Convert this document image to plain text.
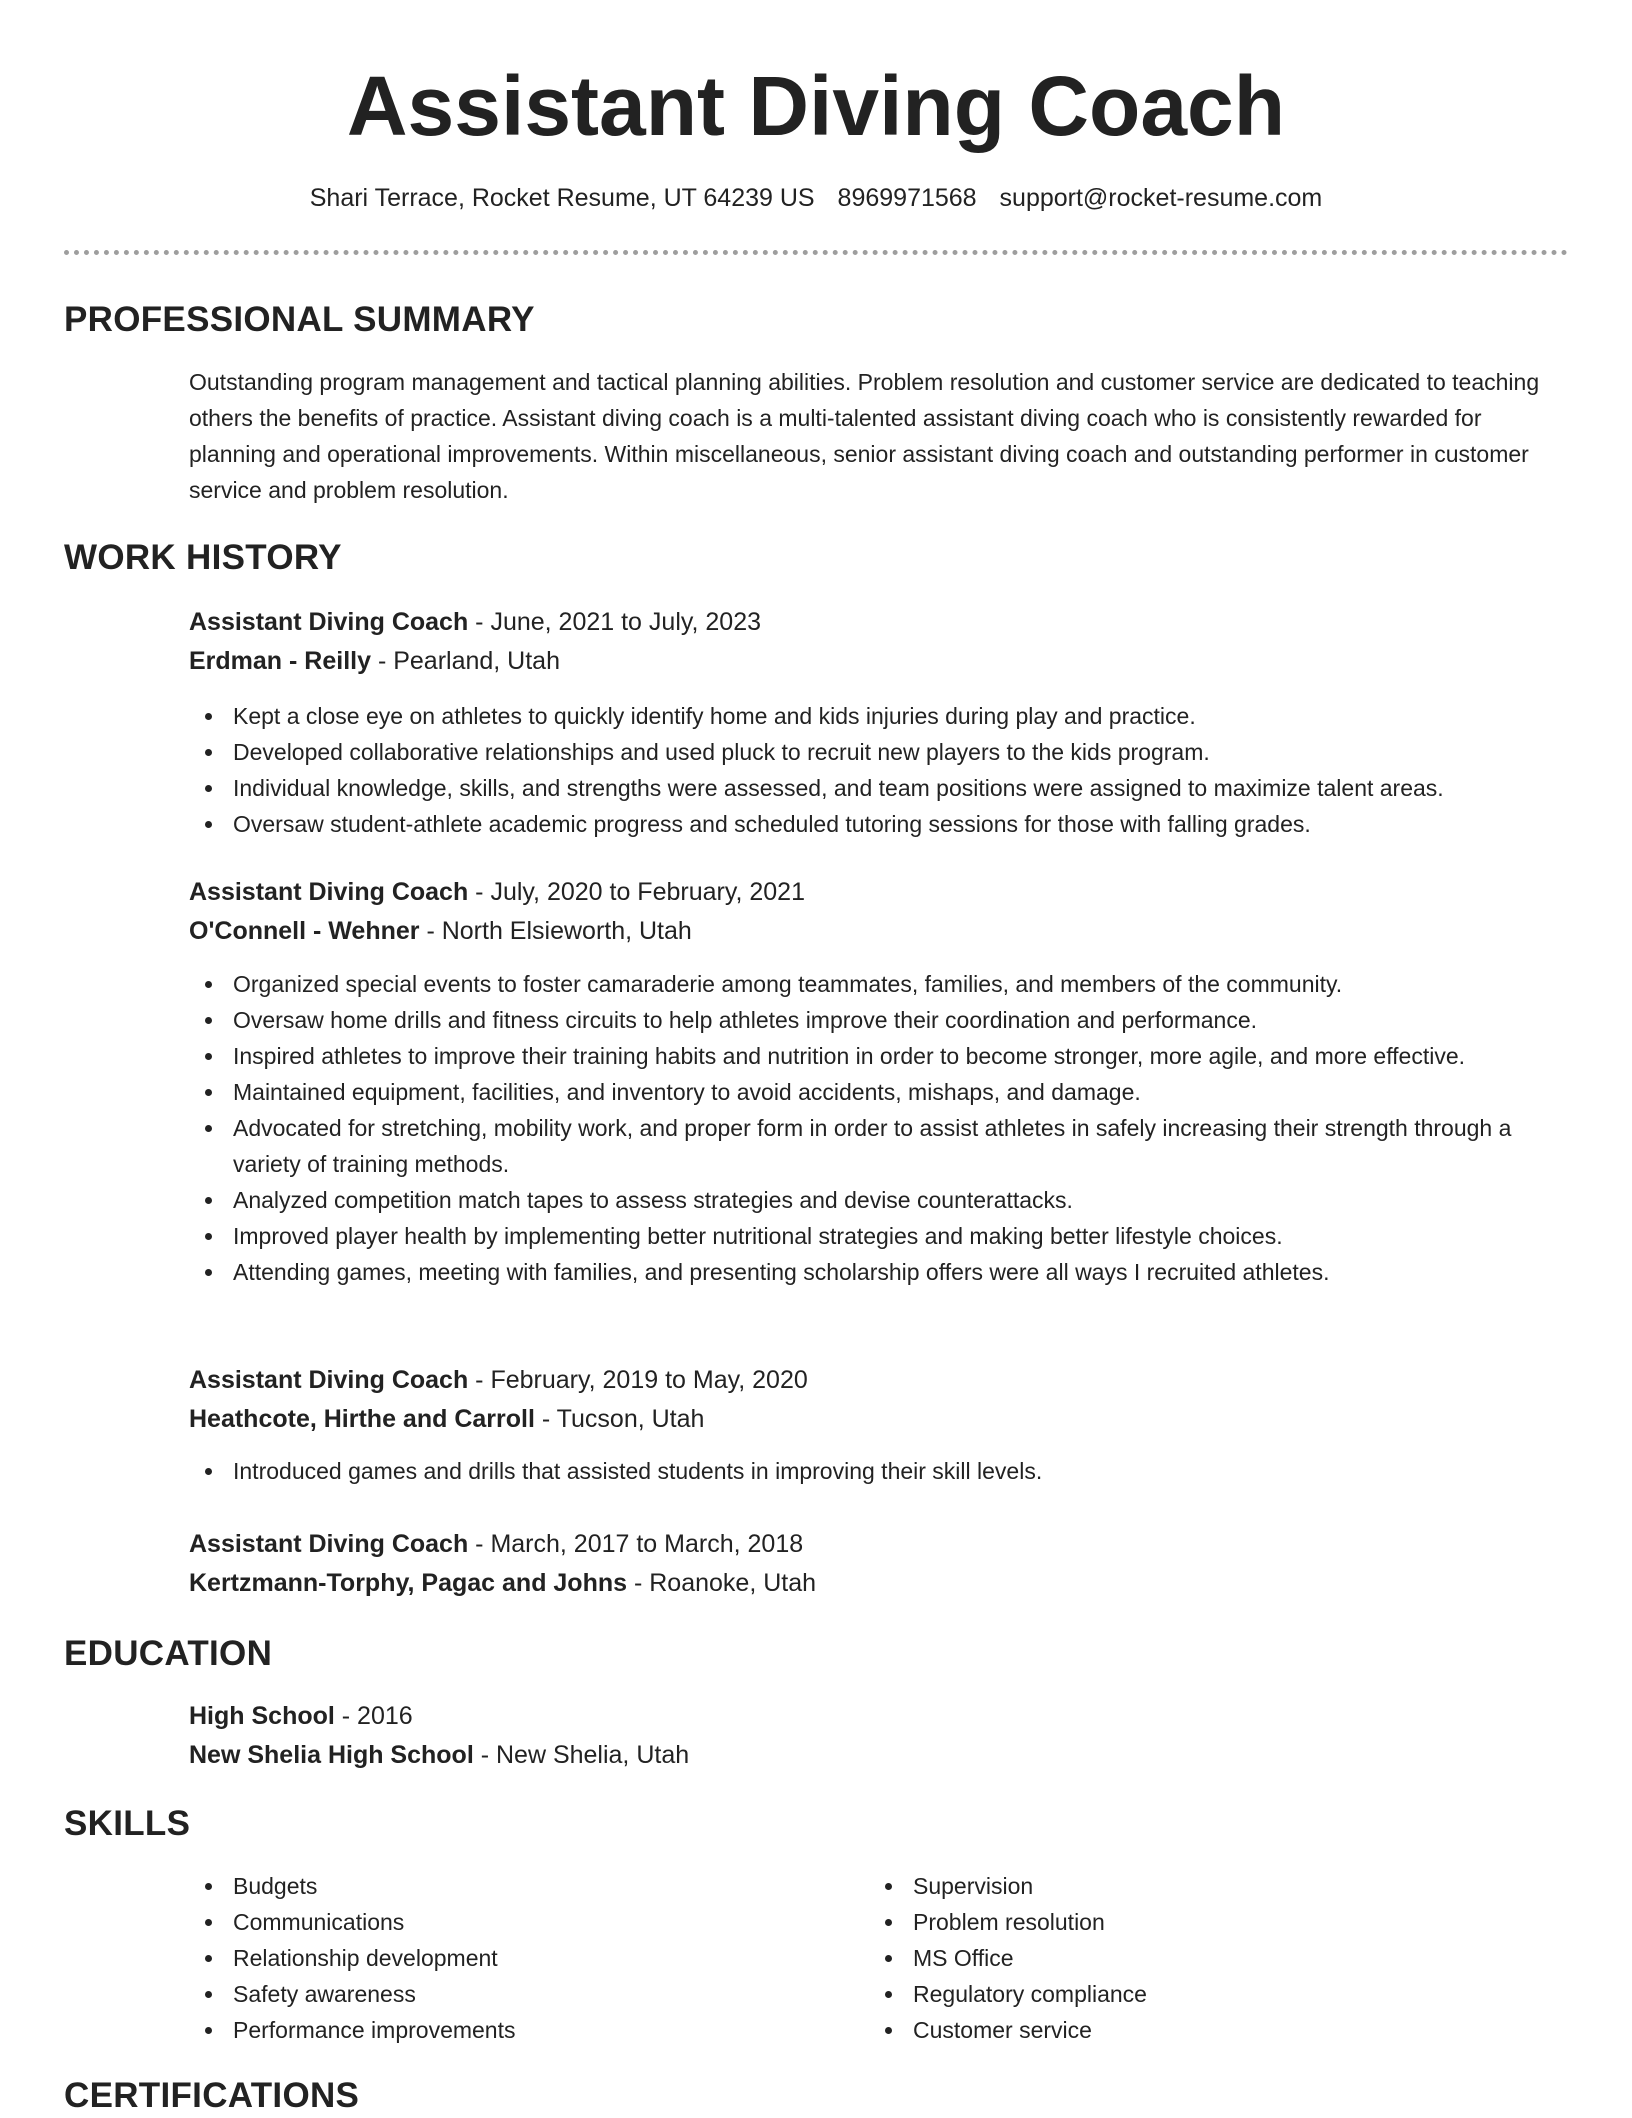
Assistant Diving Coach
Shari Terrace, Rocket Resume, UT 64239 US 8969971568 support@rocket-resume.com
PROFESSIONAL SUMMARY

Outstanding program management and tactical planning abilities. Problem resolution and customer service are dedicated to teaching others the benefits of practice. Assistant diving coach is a multi-talented assistant diving coach who is consistently rewarded for planning and operational improvements. Within miscellaneous, senior assistant diving coach and outstanding performer in customer service and problem resolution.

WORK HISTORY

Assistant Diving Coach - June, 2021 to July, 2023

Erdman - Reilly - Pearland, Utah

Kept a close eye on athletes to quickly identify home and kids injuries during play and practice.
Developed collaborative relationships and used pluck to recruit new players to the kids program.
Individual knowledge, skills, and strengths were assessed, and team positions were assigned to maximize talent areas.
Oversaw student-athlete academic progress and scheduled tutoring sessions for those with falling grades.

Assistant Diving Coach - July, 2020 to February, 2021

O'Connell - Wehner - North Elsieworth, Utah

Organized special events to foster camaraderie among teammates, families, and members of the community.
Oversaw home drills and fitness circuits to help athletes improve their coordination and performance.
Inspired athletes to improve their training habits and nutrition in order to become stronger, more agile, and more effective.
Maintained equipment, facilities, and inventory to avoid accidents, mishaps, and damage.
Advocated for stretching, mobility work, and proper form in order to assist athletes in safely increasing their strength through a variety of training methods.
Analyzed competition match tapes to assess strategies and devise counterattacks.
Improved player health by implementing better nutritional strategies and making better lifestyle choices.
Attending games, meeting with families, and presenting scholarship offers were all ways I recruited athletes.

Assistant Diving Coach - February, 2019 to May, 2020

Heathcote, Hirthe and Carroll - Tucson, Utah

Introduced games and drills that assisted students in improving their skill levels.

Assistant Diving Coach - March, 2017 to March, 2018

Kertzmann-Torphy, Pagac and Johns - Roanoke, Utah

EDUCATION

High School - 2016

New Shelia High School - New Shelia, Utah

SKILLS
Budgets
Communications
Relationship development
Safety awareness
Performance improvements
Supervision
Problem resolution
MS Office
Regulatory compliance
Customer service
CERTIFICATIONS
